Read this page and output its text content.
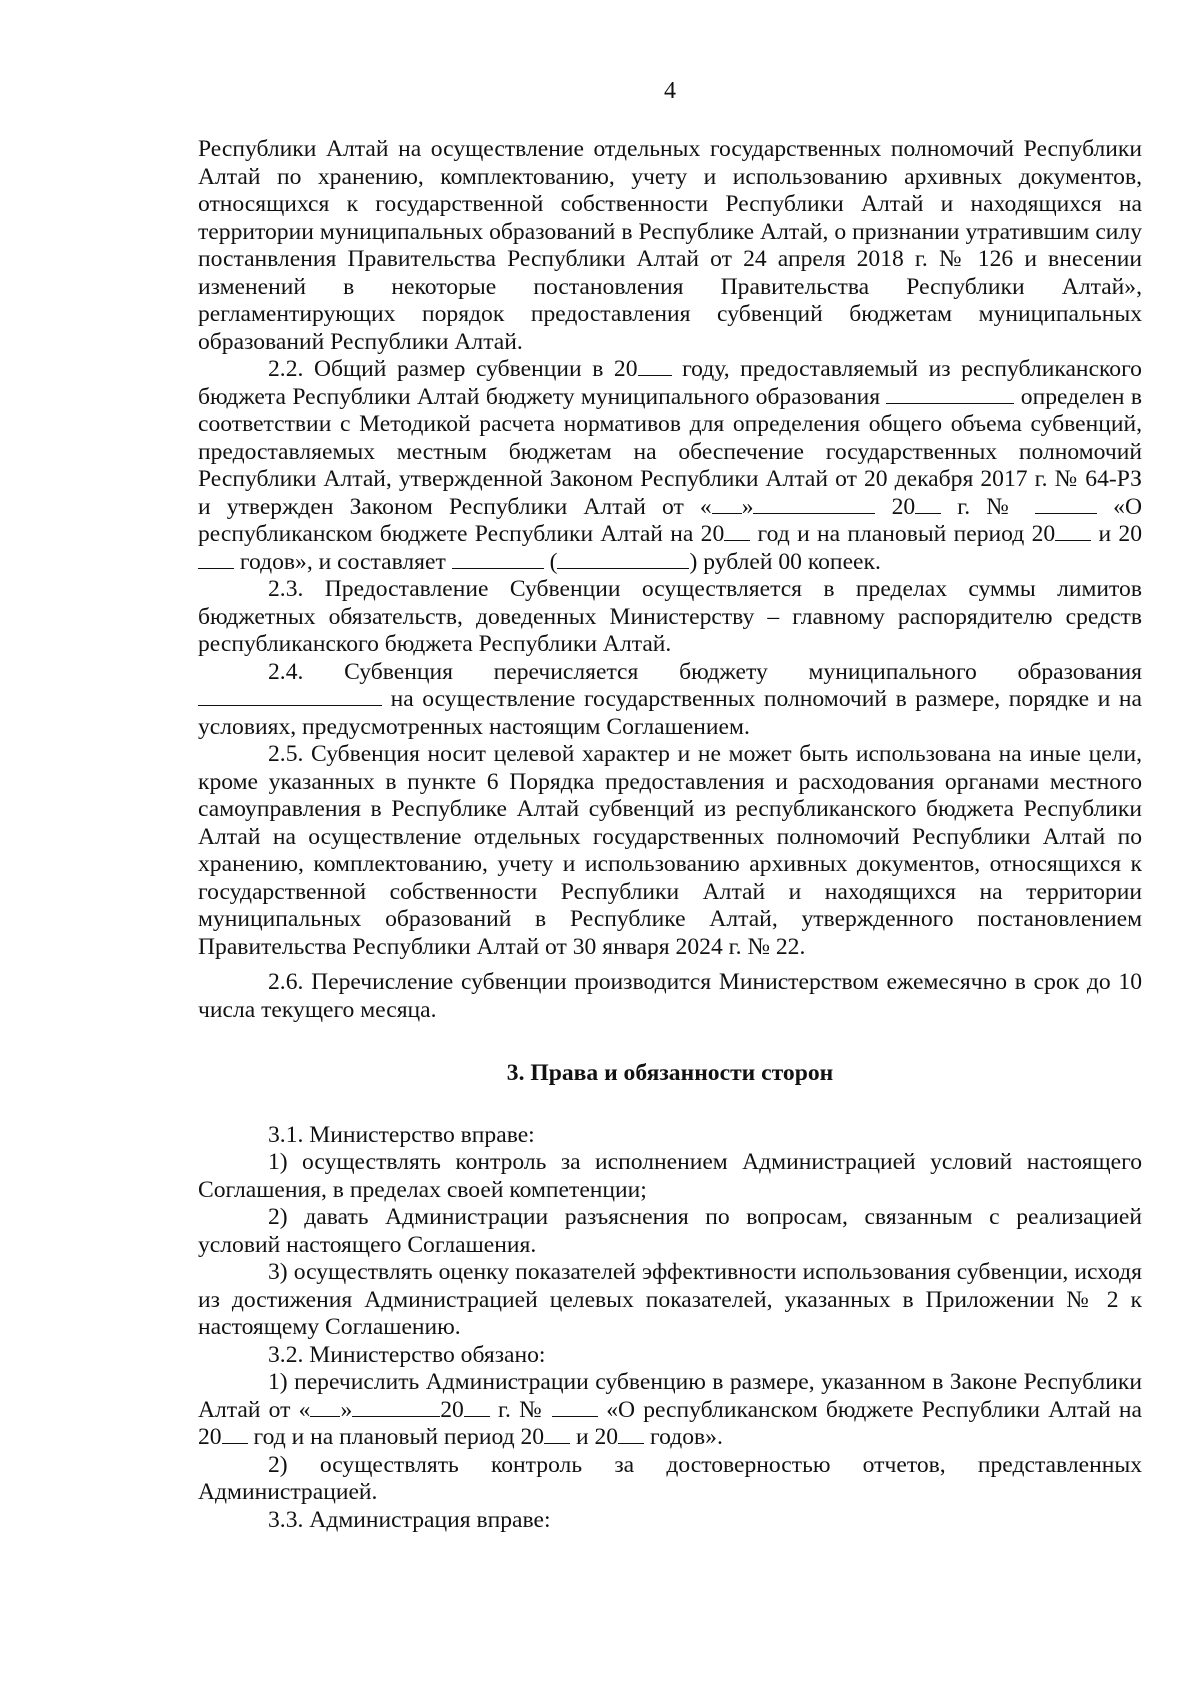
4

Республики Алтай на осуществление отдельных государственных полномочий Республики Алтай по хранению, комплектованию, учету и использованию архивных документов, относящихся к государственной собственности Республики Алтай и находящихся на территории муниципальных образований в Республике Алтай, о признании утратившим силу постанвления Правительства Республики Алтай от 24 апреля 2018 г. № 126 и внесении изменений в некоторые постановления Правительства Республики Алтай», регламентирующих порядок предоставления субвенций бюджетам муниципальных образований Республики Алтай.

2.2. Общий размер субвенции в 20 году, предоставляемый из республиканского бюджета Республики Алтай бюджету муниципального образования	определен в соответствии с Методикой расчета нормативов для определения общего объема субвенций, предоставляемых местным бюджетам на обеспечение государственных полномочий Республики Алтай, утвержденной Законом Республики Алтай от 20 декабря 2017 г. № 64-РЗ и утвержден Законом Республики Алтай от « »	20 г. №	«О республиканском бюджете Республики Алтай на 20 год и на плановый период 20 и 20 годов», и составляет	(	) рублей 00 копеек.

2.3. Предоставление Субвенции осуществляется в пределах суммы лимитов бюджетных обязательств, доведенных Министерству – главному распорядителю средств республиканского бюджета Республики Алтай.

2.4. Субвенция перечисляется бюджету муниципального образования  на осуществление государственных полномочий в размере, порядке и на условиях, предусмотренных настоящим Соглашением.

2.5. Субвенция носит целевой характер и не может быть использована на иные цели, кроме указанных в пункте 6 Порядка предоставления и расходования органами местного самоуправления в Республике Алтай субвенций из республиканского бюджета Республики Алтай на осуществление отдельных государственных полномочий Республики Алтай по хранению, комплектованию, учету и использованию архивных документов, относящихся к государственной собственности Республики Алтай и находящихся на территории муниципальных образований в Республике Алтай, утвержденного постановлением Правительства Республики Алтай от 30 января 2024 г. № 22.

2.6. Перечисление субвенции производится Министерством ежемесячно в срок до 10 числа текущего месяца.

3. Права и обязанности сторон

3.1. Министерство вправе:

1) осуществлять контроль за исполнением Администрацией условий настоящего Соглашения, в пределах своей компетенции;

2) давать Администрации разъяснения по вопросам, связанным с реализацией условий настоящего Соглашения.

3) осуществлять оценку показателей эффективности использования субвенции, исходя из достижения Администрацией целевых показателей, указанных в Приложении № 2 к настоящему Соглашению.

3.2. Министерство обязано:

1) перечислить Администрации субвенцию в размере, указанном в Законе Республики Алтай от « »	20 г. №  «О республиканском бюджете Республики Алтай на 20 год и на плановый период 20 и 20 годов».

2) осуществлять контроль за достоверностью отчетов, представленных Администрацией.

3.3. Администрация вправе:
